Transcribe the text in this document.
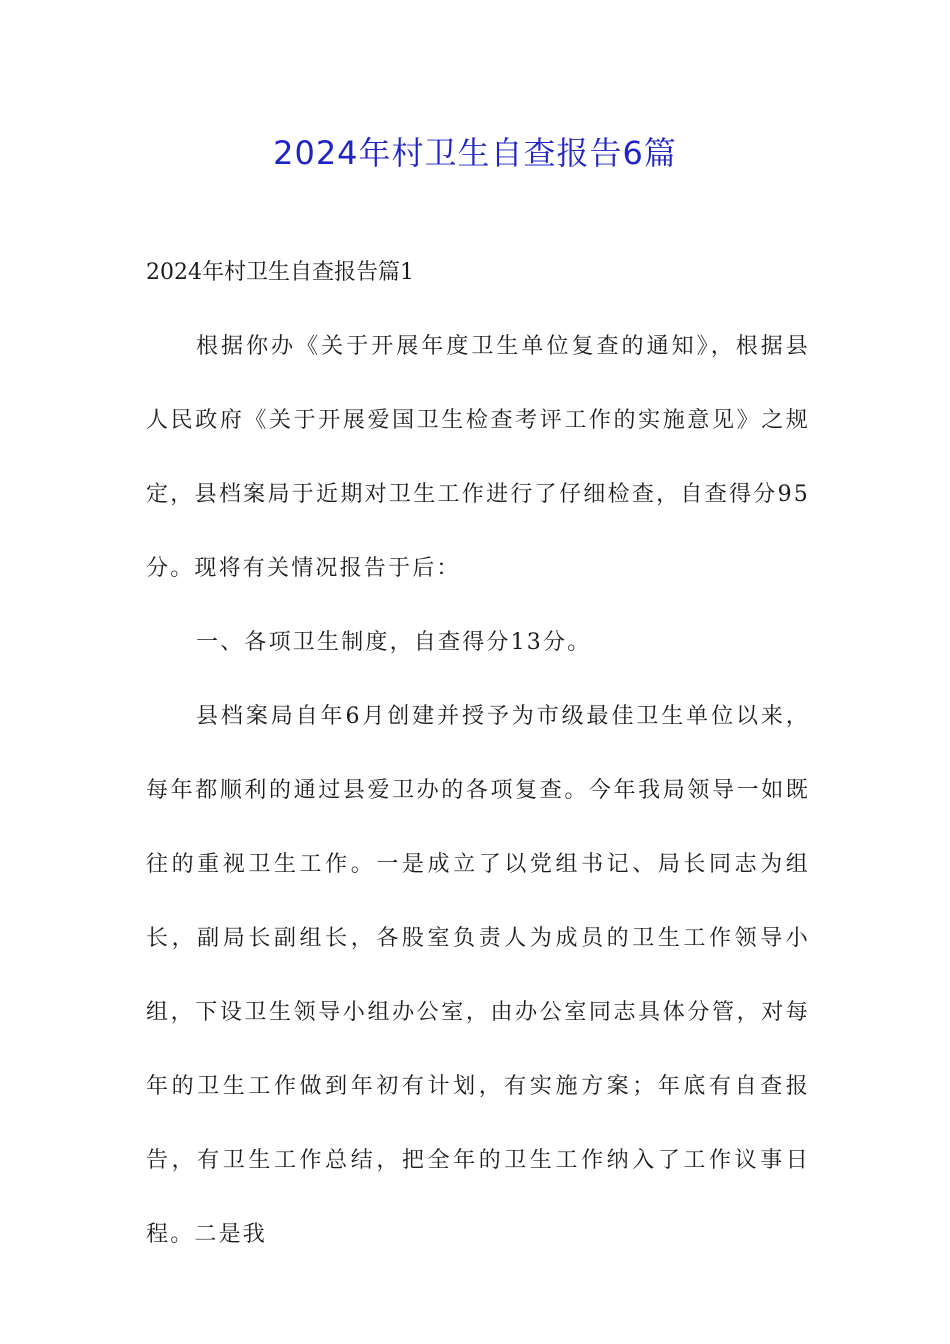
2024年村卫生自查报告6篇
2024年村卫生自查报告篇1

根据你办《关于开展年度卫生单位复查的通知》，根据县人民政府《关于开展爱国卫生检查考评工作的实施意见》之规定，县档案局于近期对卫生工作进行了仔细检查，自查得分95分。现将有关情况报告于后：

一、各项卫生制度，自查得分13分。

县档案局自年6月创建并授予为市级最佳卫生单位以来，每年都顺利的通过县爱卫办的各项复查。今年我局领导一如既往的重视卫生工作。一是成立了以党组书记、局长同志为组长，副局长副组长，各股室负责人为成员的卫生工作领导小组，下设卫生领导小组办公室，由办公室同志具体分管，对每年的卫生工作做到年初有计划，有实施方案；年底有自查报告，有卫生工作总结，把全年的卫生工作纳入了工作议事日程。二是我
